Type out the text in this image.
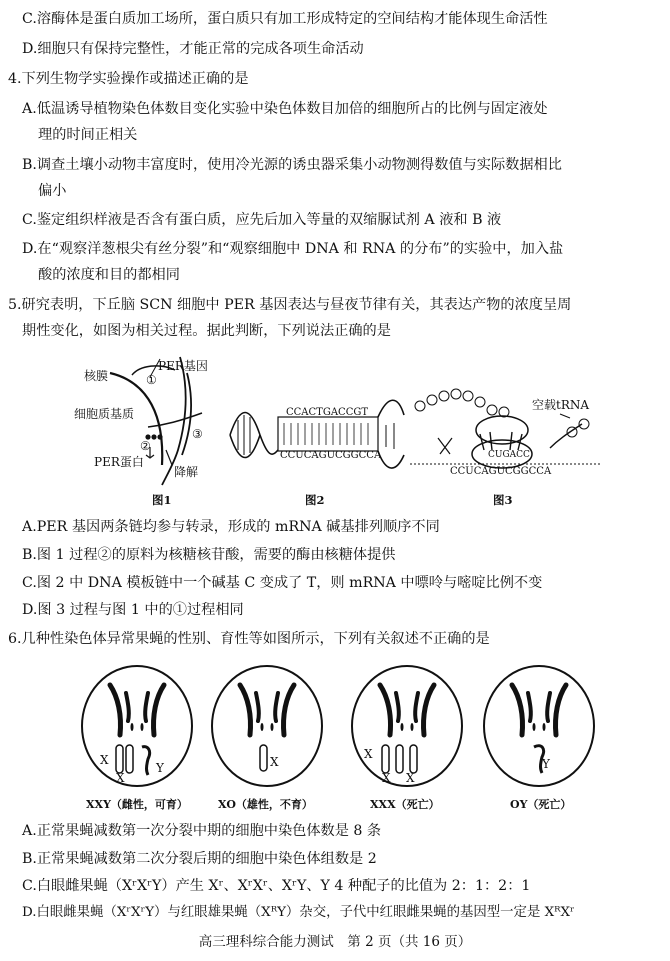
C.溶酶体是蛋白质加工场所，蛋白质只有加工形成特定的空间结构才能体现生命活性
D.细胞只有保持完整性，才能正常的完成各项生命活动
4.下列生物学实验操作或描述正确的是
A.低温诱导植物染色体数目变化实验中染色体数目加倍的细胞所占的比例与固定液处
理的时间正相关
B.调查土壤小动物丰富度时，使用冷光源的诱虫器采集小动物测得数值与实际数据相比
偏小
C.鉴定组织样液是否含有蛋白质，应先后加入等量的双缩脲试剂 A 液和 B 液
D.在“观察洋葱根尖有丝分裂”和“观察细胞中 DNA 和 RNA 的分布”的实验中，加入盐
酸的浓度和目的都相同
5.研究表明，下丘脑 SCN 细胞中 PER 基因表达与昼夜节律有关，其表达产物的浓度呈周
期性变化，如图为相关过程。据此判断，下列说法正确的是
核膜
PER基因
①
细胞质基质
②
③
PER蛋白
降解
图1
CCACTGACCGT
CCUCAGUCGGCCA
图2
空载tRNA
CUGACC
CCUCAGUCGGCCA
图3
A.PER 基因两条链均参与转录，形成的 mRNA 碱基排列顺序不同
B.图 1 过程②的原料为核糖核苷酸，需要的酶由核糖体提供
C.图 2 中 DNA 模板链中一个碱基 C 变成了 T，则 mRNA 中嘌呤与嘧啶比例不变
D.图 3 过程与图 1 中的①过程相同
6.几种性染色体异常果蝇的性别、育性等如图所示，下列有关叙述不正确的是
X
X
Y
XXY（雌性，可育）
X
XO（雄性，不育）
X
X X
XXX（死亡）
Y
OY（死亡）
A.正常果蝇减数第一次分裂中期的细胞中染色体数是 8 条
B.正常果蝇减数第二次分裂后期的细胞中染色体组数是 2
C.白眼雌果蝇（XʳXʳY）产生 Xʳ、XʳXʳ、XʳY、Y 4 种配子的比值为 2：1：2：1
D.白眼雌果蝇（XʳXʳY）与红眼雄果蝇（XᴿY）杂交，子代中红眼雌果蝇的基因型一定是 XᴿXʳ
高三理科综合能力测试　第 2 页（共 16 页）
